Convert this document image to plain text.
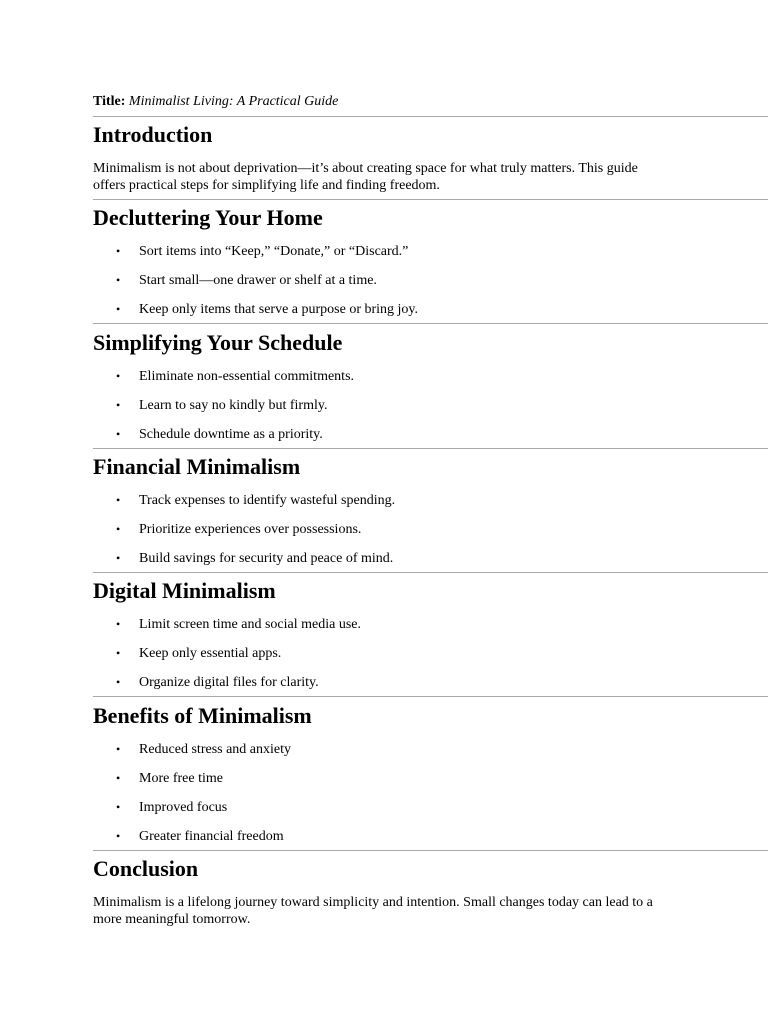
Title: Minimalist Living: A Practical Guide
Introduction
Minimalism is not about deprivation—it’s about creating space for what truly matters. This guide offers practical steps for simplifying life and finding freedom.
Decluttering Your Home
• Sort items into “Keep,” “Donate,” or “Discard.”
• Start small—one drawer or shelf at a time.
• Keep only items that serve a purpose or bring joy.
Simplifying Your Schedule
• Eliminate non-essential commitments.
• Learn to say no kindly but firmly.
• Schedule downtime as a priority.
Financial Minimalism
• Track expenses to identify wasteful spending.
• Prioritize experiences over possessions.
• Build savings for security and peace of mind.
Digital Minimalism
• Limit screen time and social media use.
• Keep only essential apps.
• Organize digital files for clarity.
Benefits of Minimalism
• Reduced stress and anxiety
• More free time
• Improved focus
• Greater financial freedom
Conclusion
Minimalism is a lifelong journey toward simplicity and intention. Small changes today can lead to a more meaningful tomorrow.
